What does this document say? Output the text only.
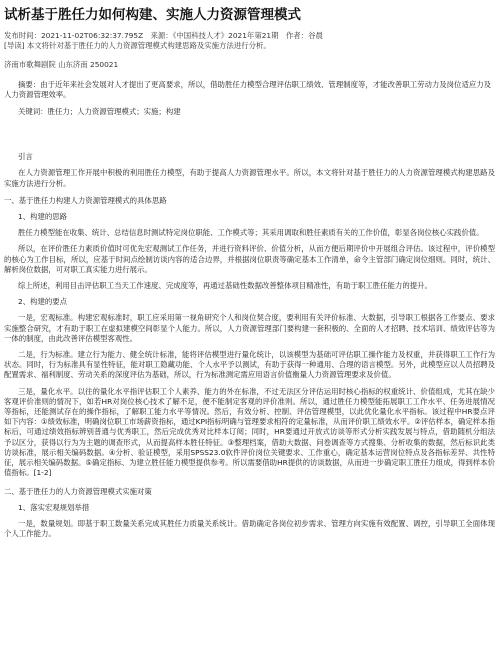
试析基于胜任力如何构建、实施人力资源管理模式

发布时间：2021-11-02T06:32:37.795Z　来源：《中国科技人才》2021年第21期　作者：谷晨

[导读] 本文将针对基于胜任力的人力资源管理模式构建思路及实施方法进行分析。

济南市歌舞剧院 山东济南 250021

摘要：由于近年来社会发展对人才提出了更高要求，所以，借助胜任力模型合理评估职工绩效、管理制度等，才能改善职工劳动力及岗位适应力及人力资源管理效率。

关键词：胜任力；人力资源管理模式；实施；构建

引言

在人力资源管理工作开展中积极的利用胜任力模型，有助于提高人力资源管理水平。所以，本文将针对基于胜任力的人力资源管理模式构建思路及实施方法进行分析。

一、基于胜任力构建人力资源管理模式的具体思路

1、构建的思路

胜任力模型能在收集、统计、总结信息时测试特定岗位职能、工作模式等；其采用调取和胜任素质有关的工作价值，彰显各岗位核心实践价值。

所以，在评价胜任力素质价值时可优先宏观测试工作任务，并进行资料评价、价值分析，从而方便后期评价中开展组合评估。该过程中，评价模型的核心为工作目标，所以，应基于时间点绘制访谈内容的适合边界，并根据岗位职责等确定基本工作清单，命令主管部门确定岗位细则。同时，统计、解析岗位数据，可对职工真实能力进行展示。

综上所述，利用目击评估职工当天工作速度、完成度等，再通过基础性数据改善整体项目精准性，有助于职工胜任能力的提升。

2、构建的要点

一是，宏观标准。构建宏观标准时，职工应采用第一视角研究个人和岗位契合度，要利用有关评价标准、大数据，引导职工根据各工作要点、要求实施整合研究，才有助于职工在虚拟建模空间彰显个人能力。所以，人力资源管理部门要构建一套积极的、全面的人才招聘、技术培训、绩效评估等为一体的制度，由此改善评估模型客观性。

二是，行为标准。建立行为能力、健全统计标准，能将评估模型进行量化统计，以该模型为基础可评估职工操作能力及权重，并获得职工工作行为状态。同时，行为标准具有显性特征，能对职工隐藏功能、个人水平予以测试，有助于获得一种通用、合理的语言模型。另外，此模型应以人员招聘及配置需求、福利制度、劳动关系的深度评估为基础，所以，行为标准测定需应用语言价值衡量人力资源管理要求及价值。

三是，量化水平。以往的量化水平指评估职工个人素养、能力的外在标准，不过无法区分评估运用时核心指标的权重统计、价值组成，尤其在缺少客观评价准则的情况下，如若HR对岗位核心技术了解不足，便不能制定客观的评价准则。所以，通过胜任力模型能拓展职工工作水平、任务进展情况等指标，还能测试存在的操作指标，了解职工能力水平等情况。然后，有效分析、控制、评估管理模型，以此优化量化水平指标。该过程中HR要点评如下内容：①绩效标准，明确岗位职工市场薪资指标，通过KPI指标明确与管理要求相符的定量标准，从而评价职工绩效水平。②评估样本，确定样本指标后，可通过绩效指标辨别普通与优秀职工，然后完成优秀对比样本订阅；同时，HR要通过开放式访谈等形式分析实践发展与特点，借助随机分组法予以区分，获得以行为为主题的调查形式，从而提高样本胜任特征。③整理档案，借助大数据、问卷调查等方式搜集、分析收集的数据，然后标识此类访谈标准，展示相关编码数据。④分析、验证模型，采用SPSS23.0软件评价岗位关键要求、工作重心，确定基本运营岗位特点及各指标差异、共性特征，展示相关编码数据。⑤确定指标、为建立胜任能力模型提供参考。所以需要借助HR提供的访谈数据，从而进一步确定职工胜任力组成，得到样本价值指标。[1-2]

二、基于胜任力的人力资源管理模式实施对策

1、落实宏观规划举措

一是，数量规划。即基于职工数量关系完成其胜任力质量关系统计。借助确定各岗位初步需求、管理方向实施有效配置、调控，引导职工全面体现个人工作能力。
